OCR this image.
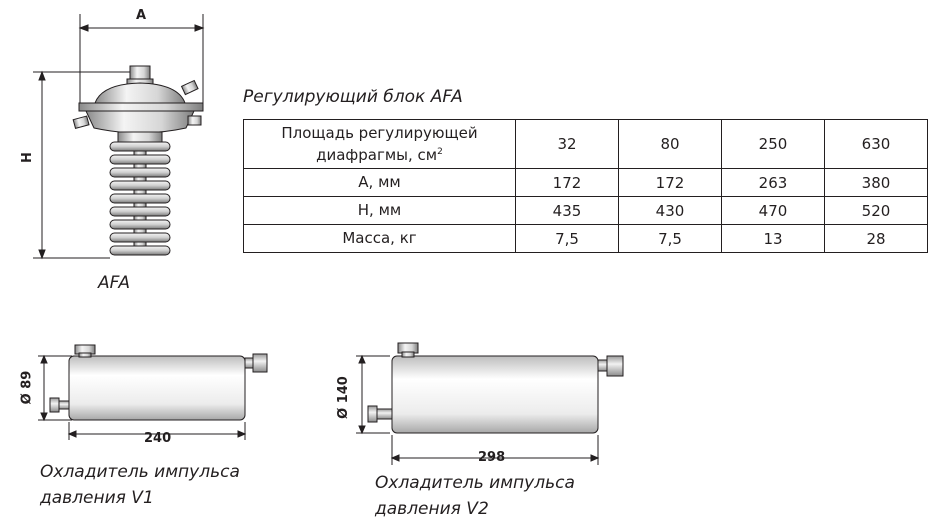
A
H
AFA
Регулирующий блок AFA
Площадь регулирующей
диафрагмы, $см^2$	32	80	250	630
А, мм	172	172	263	380
H, мм	435	430	470	520
Масса, кг	7,5	7,5	13	28
Ø 89
240
Охладитель импульса
давления V1
Ø 140
298
Охладитель импульса
давления V2
